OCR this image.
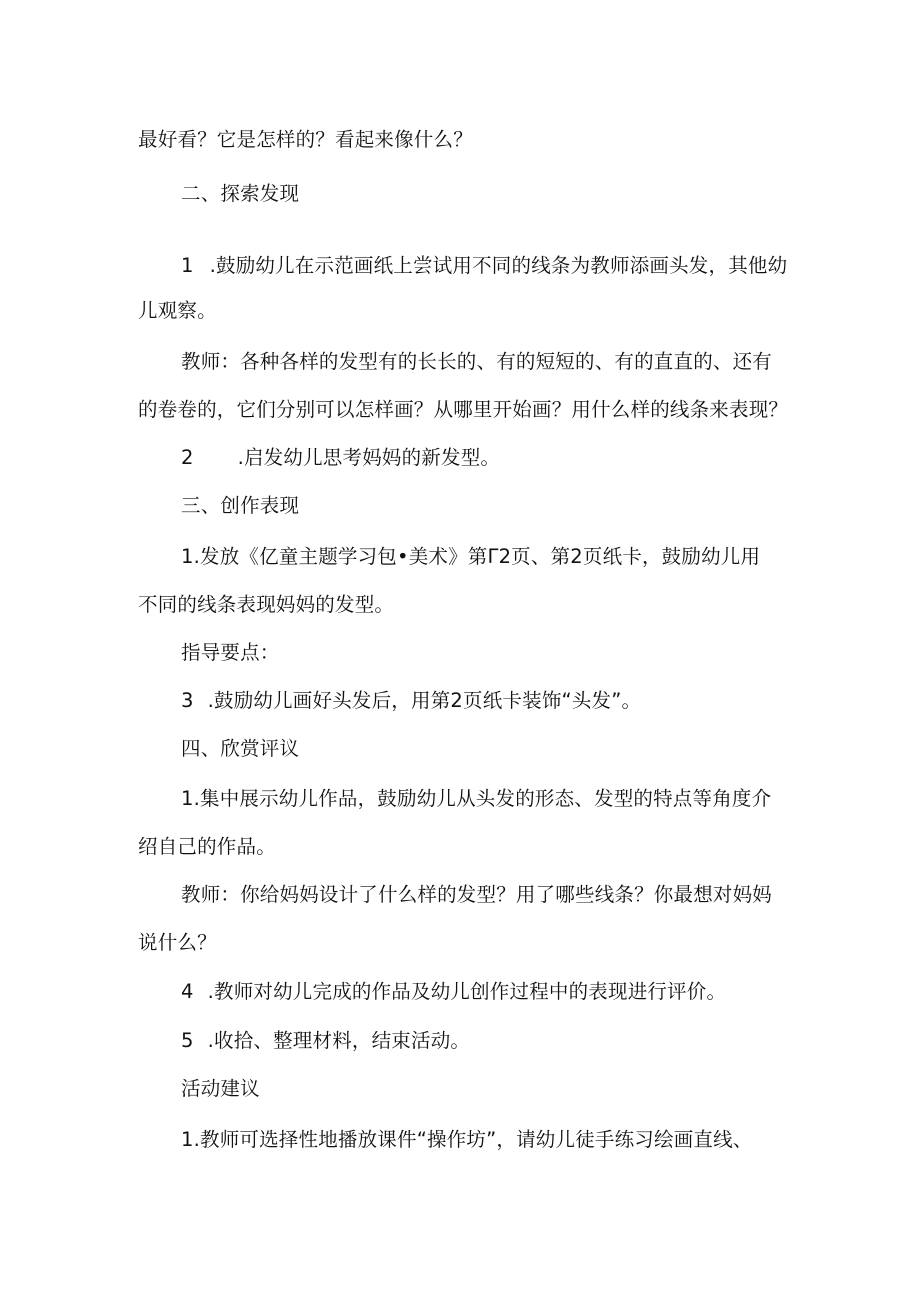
最好看？它是怎样的？看起来像什么？
二、探索发现
1 .鼓励幼儿在示范画纸上尝试用不同的线条为教师添画头发，其他幼
儿观察。
教师：各种各样的发型有的长长的、有的短短的、有的直直的、还有
的卷卷的，它们分别可以怎样画？从哪里开始画？用什么样的线条来表现？
2 .启发幼儿思考妈妈的新发型。
三、创作表现
1.发放《亿童主题学习包•美术》第Γ2页、第2页纸卡，鼓励幼儿用
不同的线条表现妈妈的发型。
指导要点：
3 .鼓励幼儿画好头发后，用第2页纸卡装饰“头发”。
四、欣赏评议
1.集中展示幼儿作品，鼓励幼儿从头发的形态、发型的特点等角度介
绍自己的作品。
教师：你给妈妈设计了什么样的发型？用了哪些线条？你最想对妈妈
说什么？
4 .教师对幼儿完成的作品及幼儿创作过程中的表现进行评价。
5 .收拾、整理材料，结束活动。
活动建议
1.教师可选择性地播放课件“操作坊”，请幼儿徒手练习绘画直线、
